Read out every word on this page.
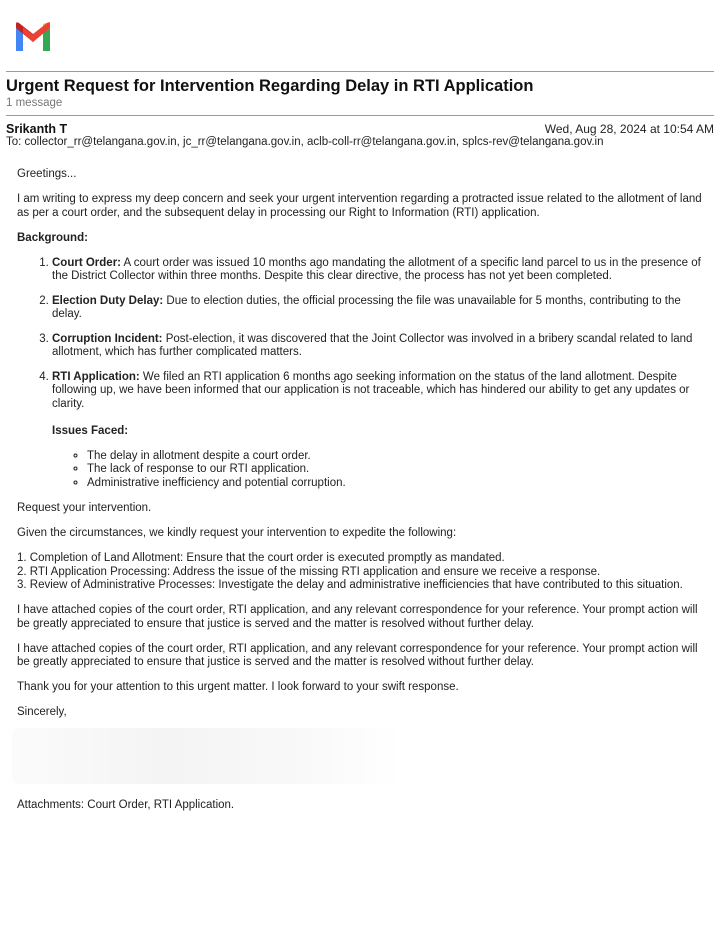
Urgent Request for Intervention Regarding Delay in RTI Application
1 message
Srikanth T	Wed, Aug 28, 2024 at 10:54 AM
To: collector_rr@telangana.gov.in, jc_rr@telangana.gov.in, aclb-coll-rr@telangana.gov.in, splcs-rev@telangana.gov.in

Greetings...

I am writing to express my deep concern and seek your urgent intervention regarding a protracted issue related to the allotment of land as per a court order, and the subsequent delay in processing our Right to Information (RTI) application.

Background:

1. Court Order: A court order was issued 10 months ago mandating the allotment of a specific land parcel to us in the presence of the District Collector within three months. Despite this clear directive, the process has not yet been completed.
2. Election Duty Delay: Due to election duties, the official processing the file was unavailable for 5 months, contributing to the delay.
3. Corruption Incident: Post-election, it was discovered that the Joint Collector was involved in a bribery scandal related to land allotment, which has further complicated matters.
4. RTI Application: We filed an RTI application 6 months ago seeking information on the status of the land allotment. Despite following up, we have been informed that our application is not traceable, which has hindered our ability to get any updates or clarity.
Issues Faced:
◦ The delay in allotment despite a court order.
◦ The lack of response to our RTI application.
◦ Administrative inefficiency and potential corruption.

Request your intervention.

Given the circumstances, we kindly request your intervention to expedite the following:

1. Completion of Land Allotment: Ensure that the court order is executed promptly as mandated.
2. RTI Application Processing: Address the issue of the missing RTI application and ensure we receive a response.
3. Review of Administrative Processes: Investigate the delay and administrative inefficiencies that have contributed to this situation.

I have attached copies of the court order, RTI application, and any relevant correspondence for your reference. Your prompt action will be greatly appreciated to ensure that justice is served and the matter is resolved without further delay.

I have attached copies of the court order, RTI application, and any relevant correspondence for your reference. Your prompt action will be greatly appreciated to ensure that justice is served and the matter is resolved without further delay.

Thank you for your attention to this urgent matter. I look forward to your swift response.

Sincerely,

Attachments: Court Order, RTI Application.
